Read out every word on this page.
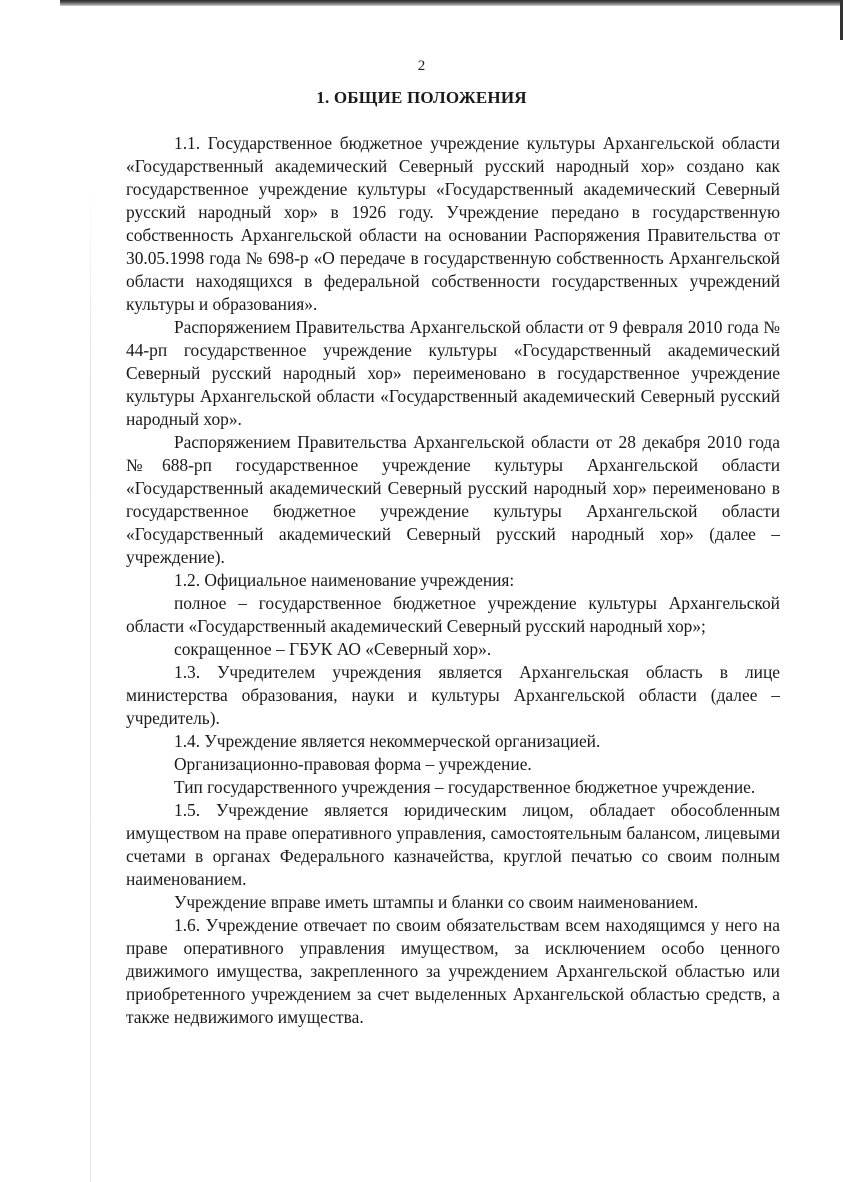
2
1. ОБЩИЕ ПОЛОЖЕНИЯ

1.1. Государственное бюджетное учреждение культуры Архангельской области «Государственный академический Северный русский народный хор» создано как государственное учреждение культуры «Государственный академический Северный русский народный хор» в 1926 году. Учреждение передано в государственную собственность Архангельской области на основании Распоряжения Правительства от 30.05.1998 года № 698-р «О передаче в государственную собственность Архангельской области находящихся в федеральной собственности государственных учреждений культуры и образования».

Распоряжением Правительства Архангельской области от 9 февраля 2010 года № 44-рп государственное учреждение культуры «Государственный академический Северный русский народный хор» переименовано в государственное учреждение культуры Архангельской области «Государственный академический Северный русский народный хор».

Распоряжением Правительства Архангельской области от 28 декабря 2010 года №688-рп государственное учреждение культуры Архангельской области «Государственный академический Северный русский народный хор» переименовано в государственное бюджетное учреждение культуры Архангельской области «Государственный академический Северный русский народный хор» (далее – учреждение).

1.2. Официальное наименование учреждения:

полное – государственное бюджетное учреждение культуры Архангельской области «Государственный академический Северный русский народный хор»;

сокращенное – ГБУК АО «Северный хор».

1.3. Учредителем учреждения является Архангельская область в лице министерства образования, науки и культуры Архангельской области (далее – учредитель).

1.4. Учреждение является некоммерческой организацией.

Организационно-правовая форма – учреждение.

Тип государственного учреждения – государственное бюджетное учреждение.

1.5. Учреждение является юридическим лицом, обладает обособленным имуществом на праве оперативного управления, самостоятельным балансом, лицевыми счетами в органах Федерального казначейства, круглой печатью со своим полным наименованием.

Учреждение вправе иметь штампы и бланки со своим наименованием.

1.6. Учреждение отвечает по своим обязательствам всем находящимся у него на праве оперативного управления имуществом, за исключением особо ценного движимого имущества, закрепленного за учреждением Архангельской областью или приобретенного учреждением за счет выделенных Архангельской областью средств, а также недвижимого имущества.
